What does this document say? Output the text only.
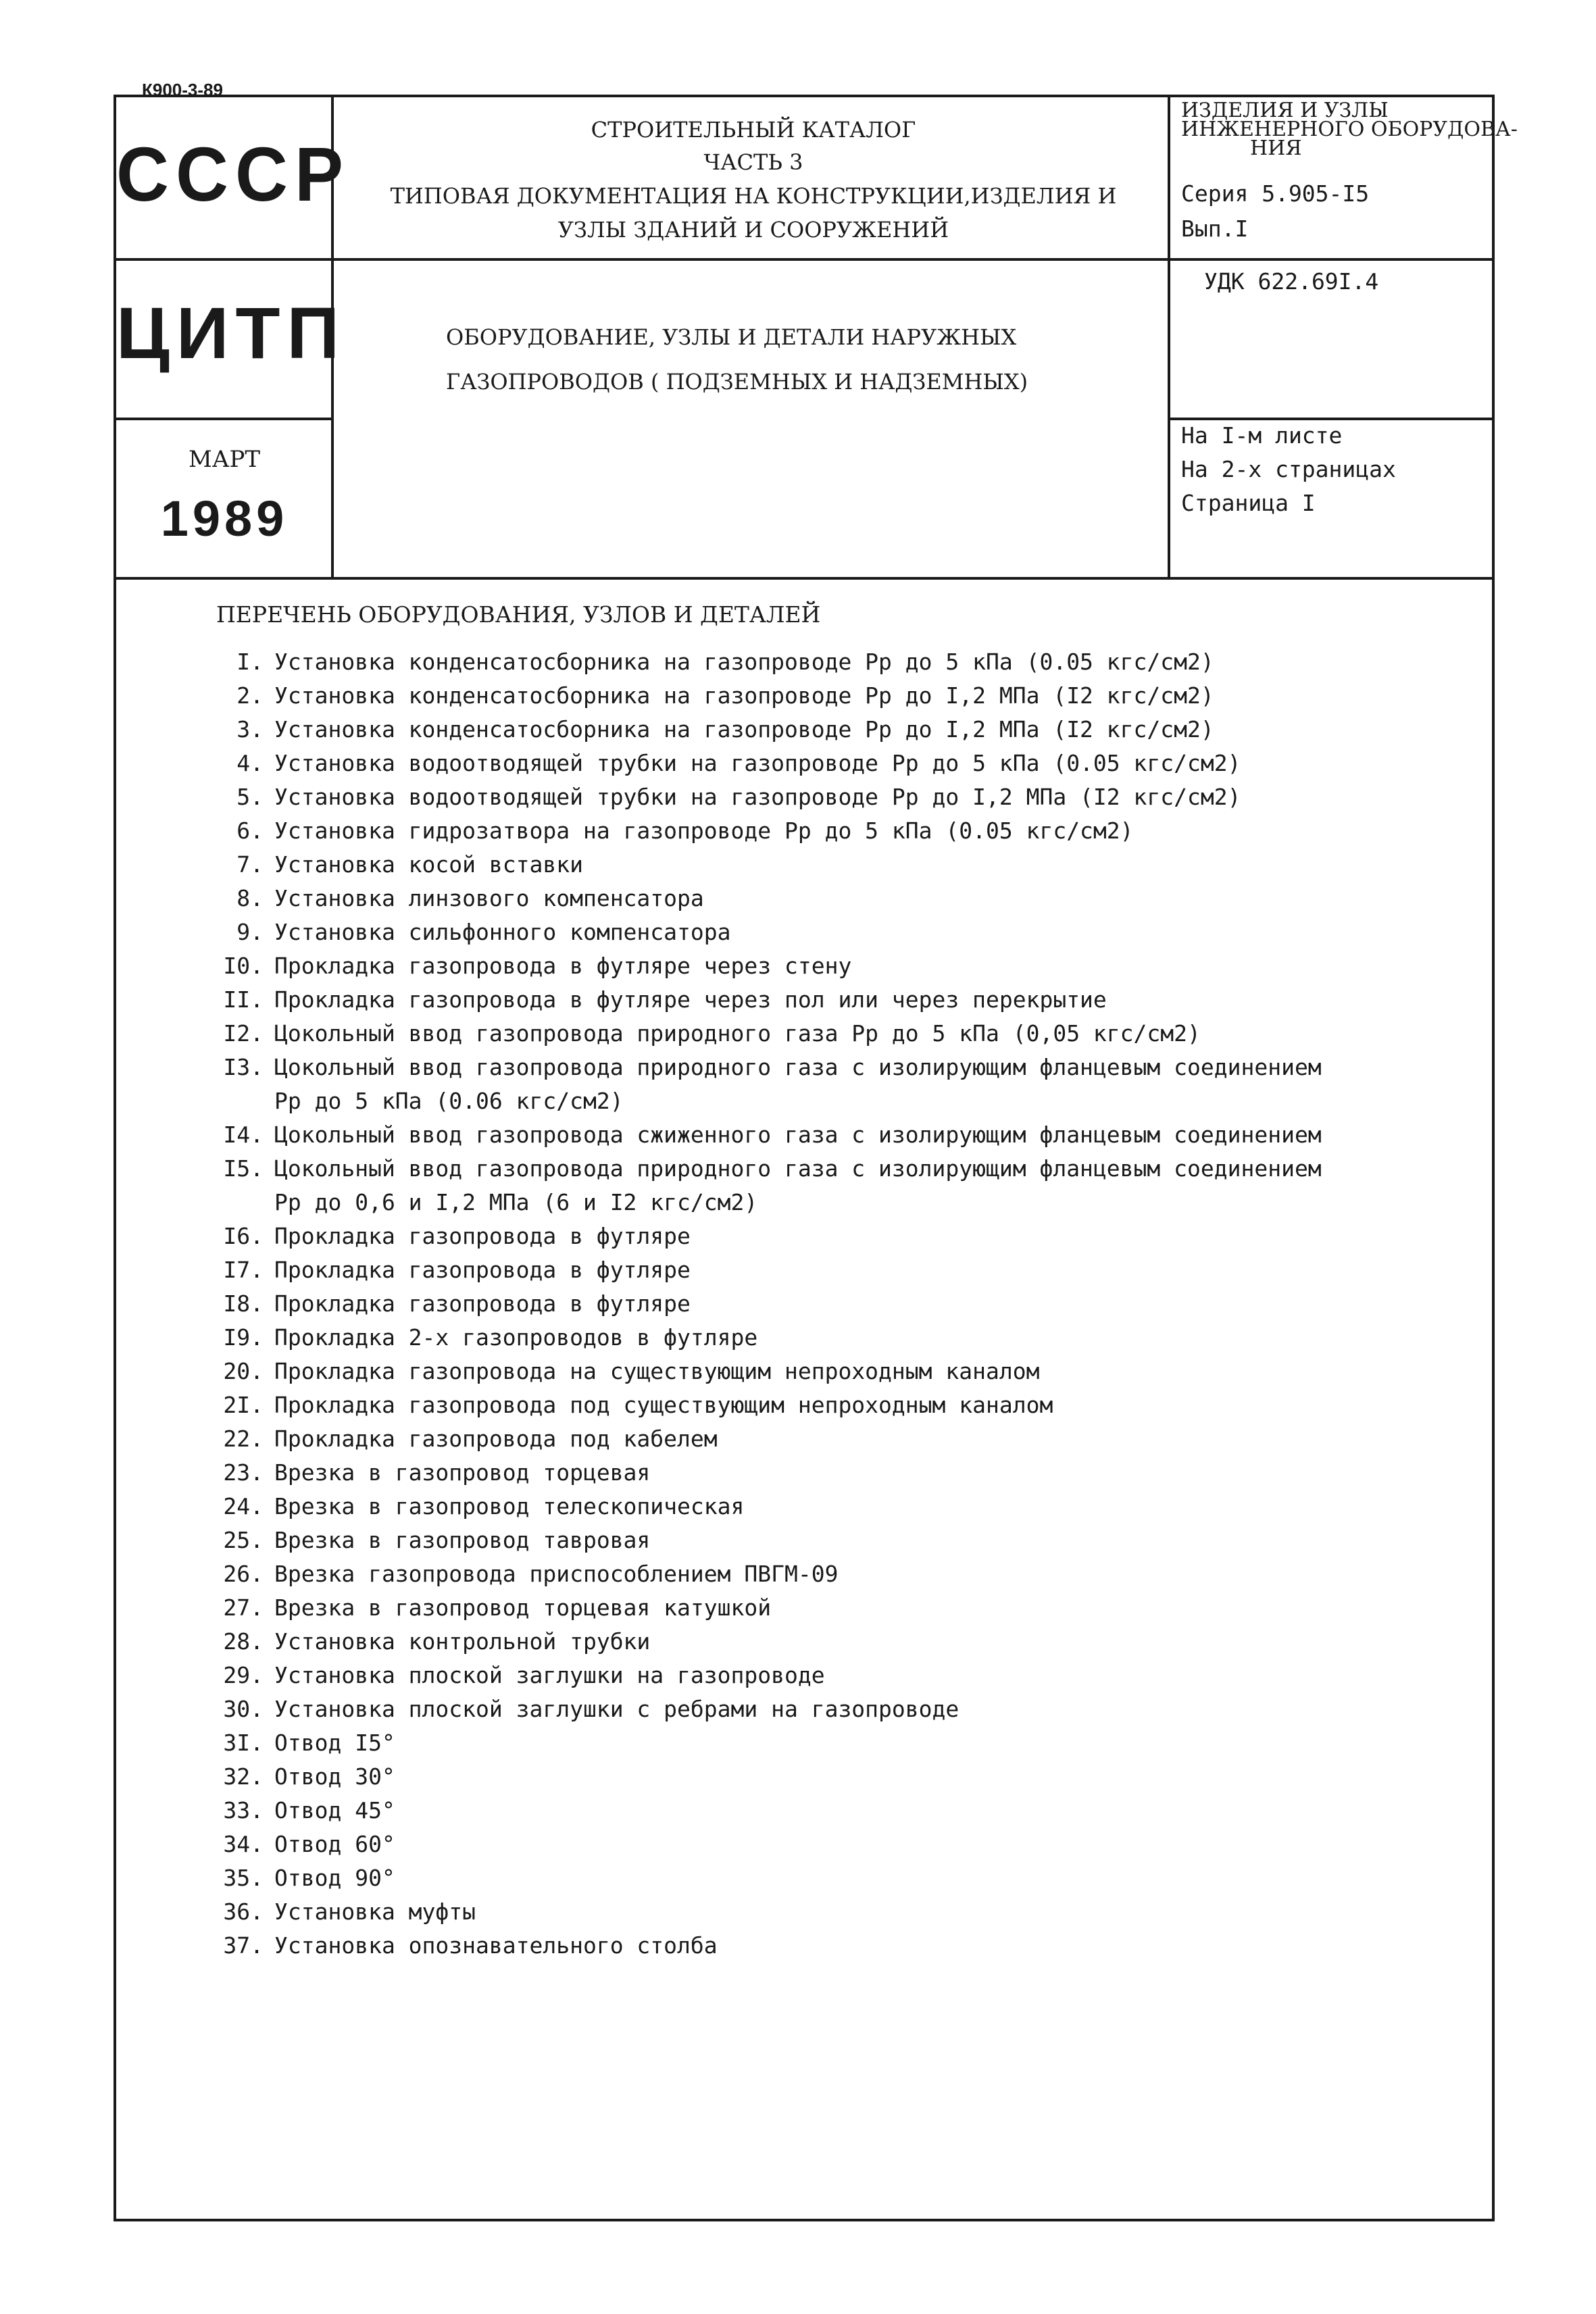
К900-3-89
СССР
ЦИТП
МАРТ
1989
СТРОИТЕЛЬНЫЙ КАТАЛОГ
ЧАСТЬ 3
ТИПОВАЯ ДОКУМЕНТАЦИЯ НА КОНСТРУКЦИИ,ИЗДЕЛИЯ И
УЗЛЫ ЗДАНИЙ И СООРУЖЕНИЙ
ИЗДЕЛИЯ И УЗЛЫ
ИНЖЕНЕРНОГО ОБОРУДОВА-
НИЯ
Серия 5.905-I5
Вып.I
УДК 622.69I.4
ОБОРУДОВАНИЕ, УЗЛЫ И ДЕТАЛИ НАРУЖНЫХ
ГАЗОПРОВОДОВ ( ПОДЗЕМНЫХ И НАДЗЕМНЫХ)
На I-м листе
На 2-х страницах
Страница I
ПЕРЕЧЕНЬ ОБОРУДОВАНИЯ, УЗЛОВ И ДЕТАЛЕЙ
I. Установка конденсатосборника на газопроводе Рр до 5 кПа (0.05 кгс/см2)
2. Установка конденсатосборника на газопроводе Рр до I,2 МПа (I2 кгс/см2)
3. Установка конденсатосборника на газопроводе Рр до I,2 МПа (I2 кгс/см2)
4. Установка водоотводящей трубки на газопроводе Рр до 5 кПа (0.05 кгс/см2)
5. Установка водоотводящей трубки на газопроводе Рр до I,2 МПа (I2 кгс/см2)
6. Установка гидрозатвора на газопроводе Рр до 5 кПа (0.05 кгс/см2)
7. Установка косой вставки
8. Установка линзового компенсатора
9. Установка сильфонного компенсатора
I0. Прокладка газопровода в футляре через стену
II. Прокладка газопровода в футляре через пол или через перекрытие
I2. Цокольный ввод газопровода природного газа Рр до 5 кПа (0,05 кгс/см2)
I3. Цокольный ввод газопровода природного газа с изолирующим фланцевым соединением
Рр до 5 кПа (0.06 кгс/см2)
I4. Цокольный ввод газопровода сжиженного газа с изолирующим фланцевым соединением
I5. Цокольный ввод газопровода природного газа с изолирующим фланцевым соединением
Рр до 0,6 и I,2 МПа (6 и I2 кгс/см2)
I6. Прокладка газопровода в футляре
I7. Прокладка газопровода в футляре
I8. Прокладка газопровода в футляре
I9. Прокладка 2-х газопроводов в футляре
20. Прокладка газопровода на существующим непроходным каналом
2I. Прокладка газопровода под существующим непроходным каналом
22. Прокладка газопровода под кабелем
23. Врезка в газопровод торцевая
24. Врезка в газопровод телескопическая
25. Врезка в газопровод тавровая
26. Врезка газопровода приспособлением ПВГМ-09
27. Врезка в газопровод торцевая катушкой
28. Установка контрольной трубки
29. Установка плоской заглушки на газопроводе
30. Установка плоской заглушки с ребрами на газопроводе
3I. Отвод I5°
32. Отвод 30°
33. Отвод 45°
34. Отвод 60°
35. Отвод 90°
36. Установка муфты
37. Установка опознавательного столба
